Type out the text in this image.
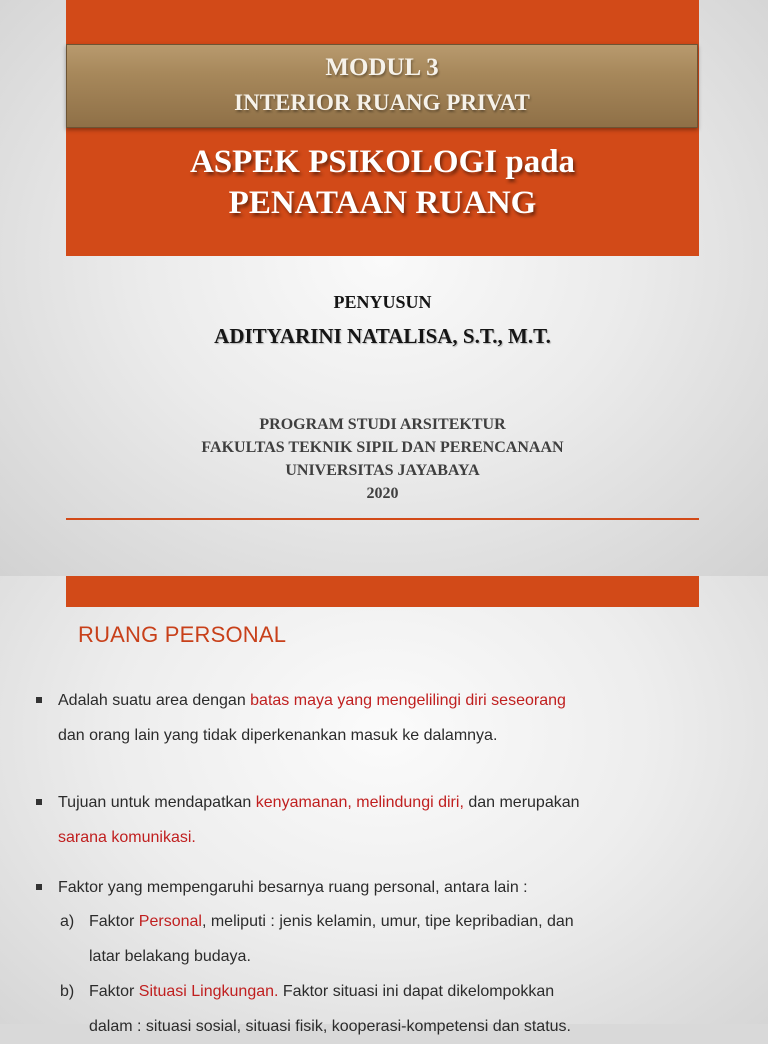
MODUL 3
INTERIOR RUANG PRIVAT
ASPEK PSIKOLOGI pada
PENATAAN RUANG
PENYUSUN
ADITYARINI NATALISA, S.T., M.T.
PROGRAM STUDI ARSITEKTUR
FAKULTAS TEKNIK SIPIL DAN PERENCANAAN
UNIVERSITAS JAYABAYA
2020
RUANG PERSONAL
Adalah suatu area dengan batas maya yang mengelilingi diri seseorang
dan orang lain yang tidak diperkenankan masuk ke dalamnya.
Tujuan untuk mendapatkan kenyamanan, melindungi diri, dan merupakan
sarana komunikasi.
Faktor yang mempengaruhi besarnya ruang personal, antara lain :
a) Faktor Personal, meliputi : jenis kelamin, umur, tipe kepribadian, dan
latar belakang budaya.
b) Faktor Situasi Lingkungan. Faktor situasi ini dapat dikelompokkan
dalam : situasi sosial, situasi fisik, kooperasi-kompetensi dan status.
